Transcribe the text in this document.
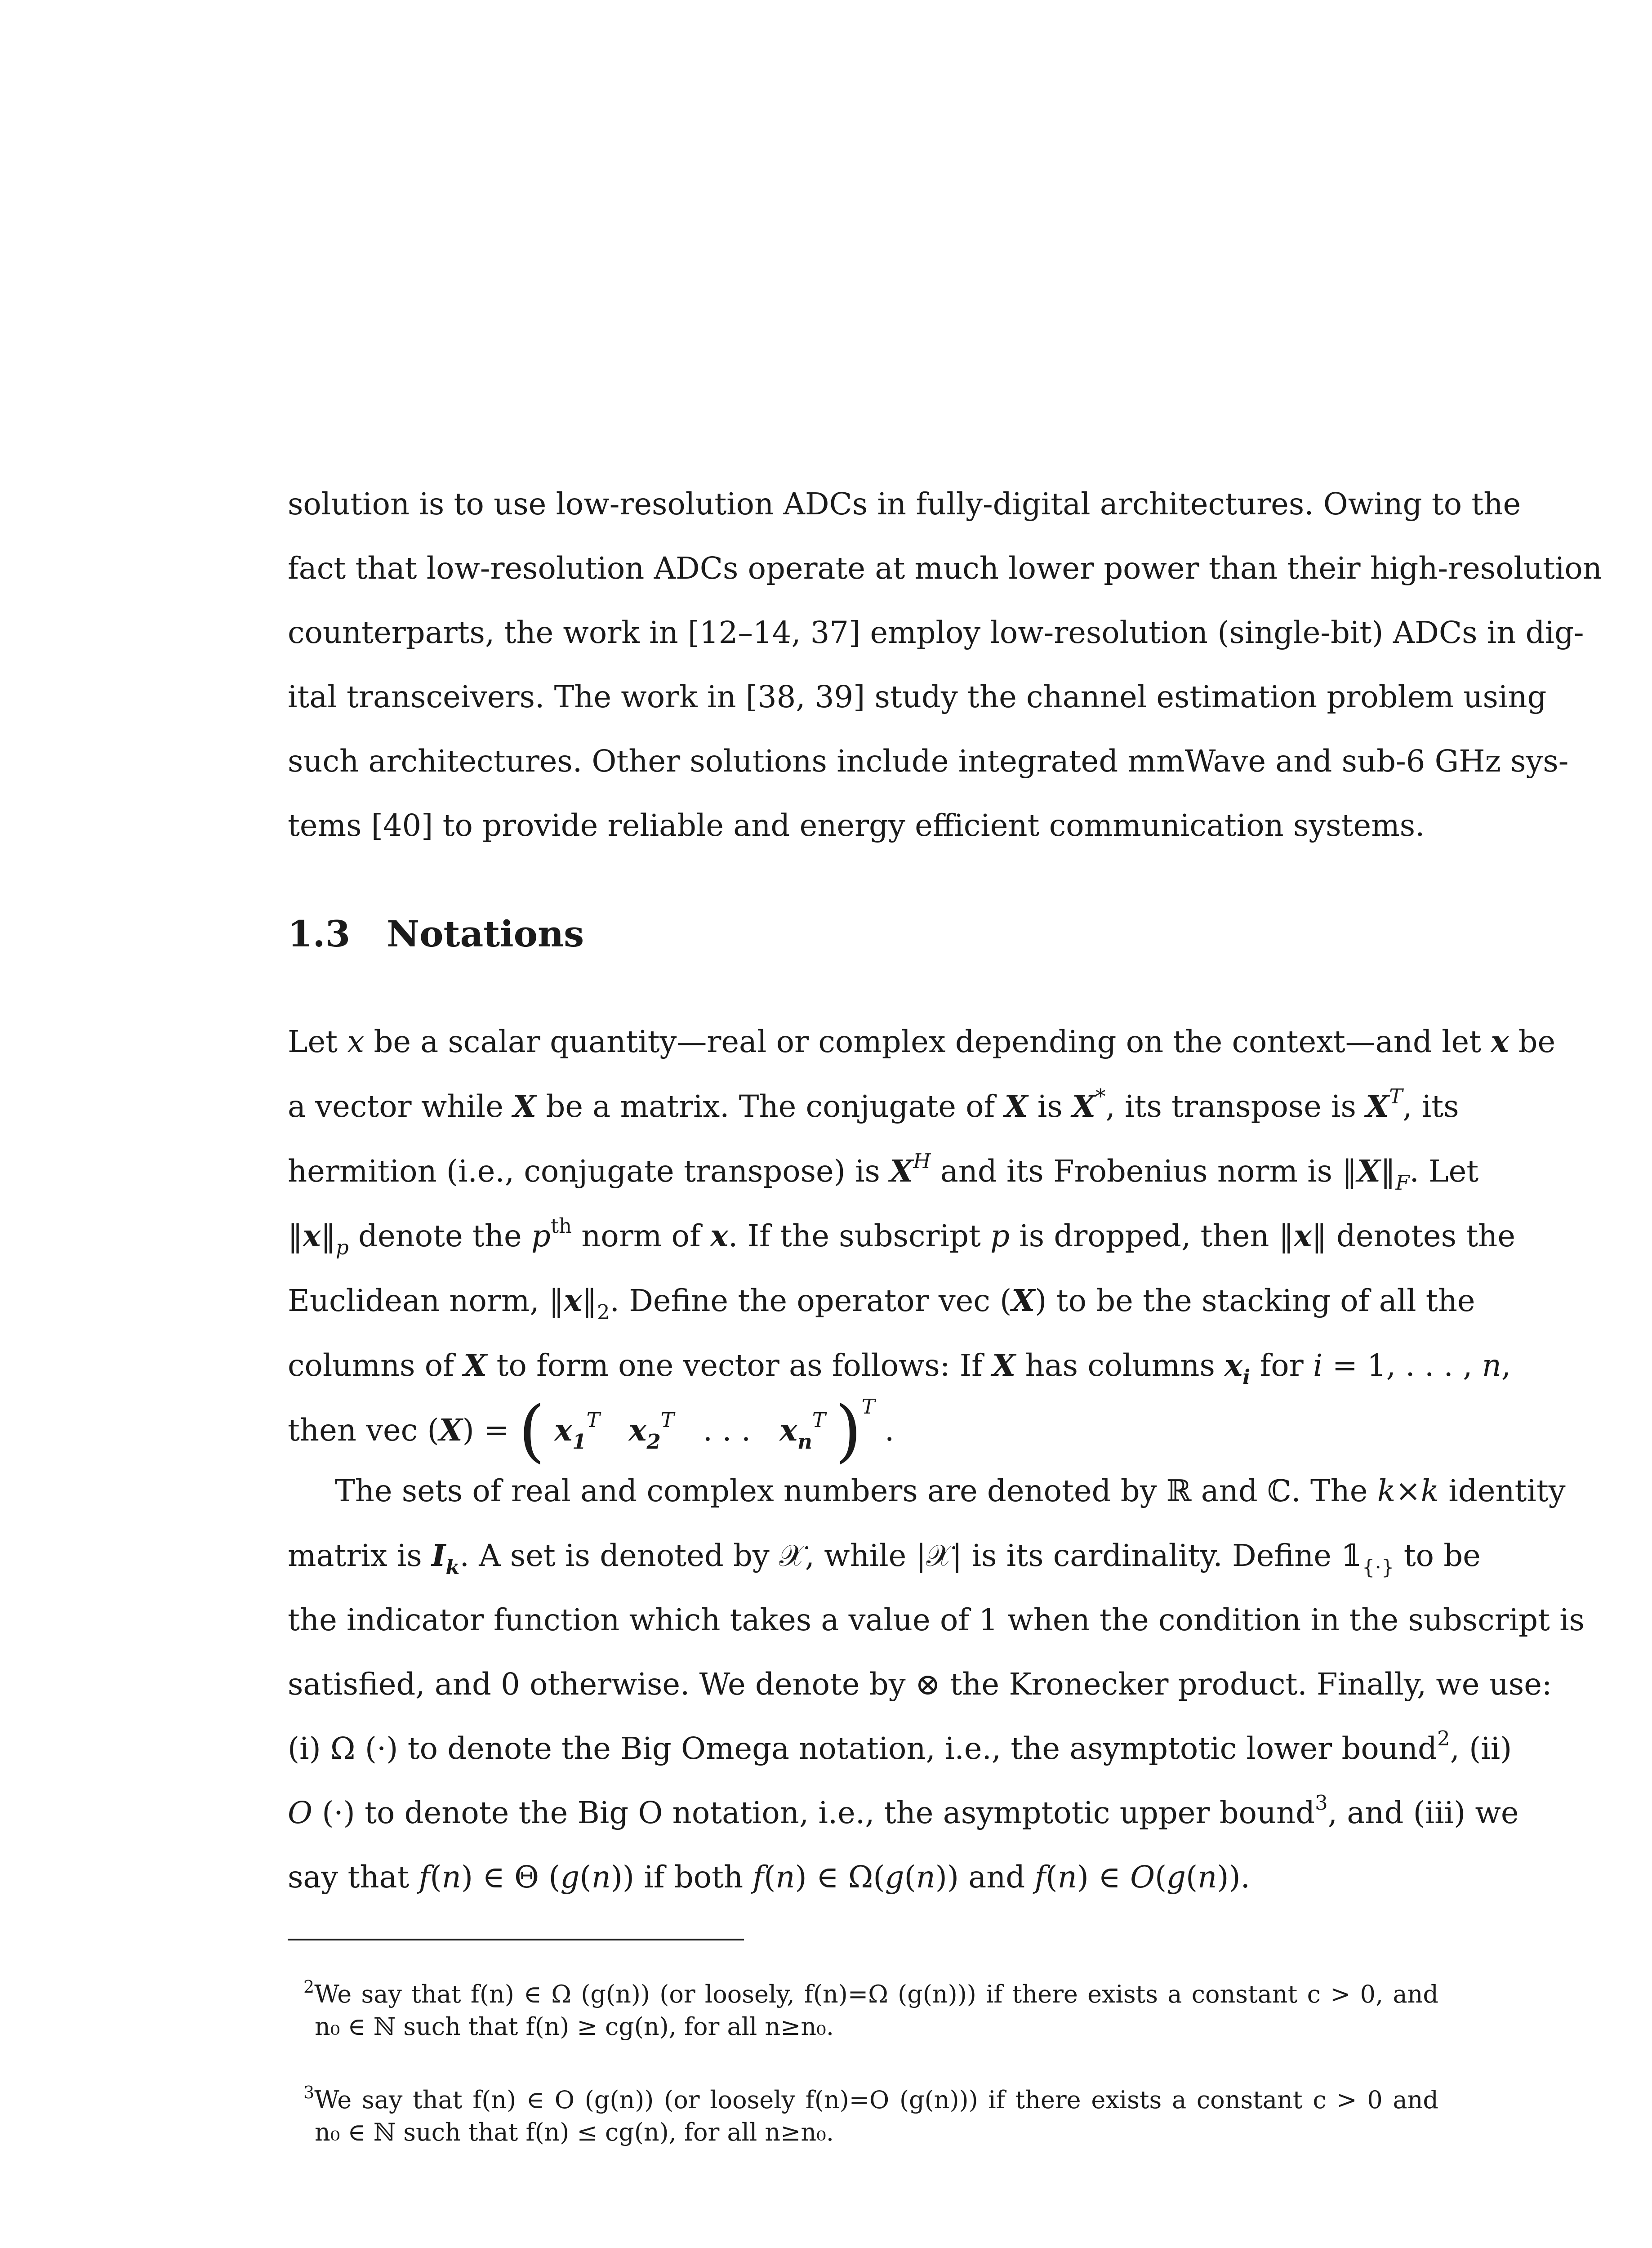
solution is to use low-resolution ADCs in fully-digital architectures. Owing to the
fact that low-resolution ADCs operate at much lower power than their high-resolution
counterparts, the work in [12–14, 37] employ low-resolution (single-bit) ADCs in dig-
ital transceivers. The work in [38, 39] study the channel estimation problem using
such architectures. Other solutions include integrated mmWave and sub-6 GHz sys-
tems [40] to provide reliable and energy efficient communication systems.
1.3 Notations
Let x be a scalar quantity—real or complex depending on the context—and let x be
a vector while X be a matrix. The conjugate of X is X*, its transpose is $X^T$, its
hermition (i.e., conjugate transpose) is $X^H$ and its Frobenius norm is $‖X‖_F$. Let
$‖x‖_p$ denote the $p^{th}$ norm of x. If the subscript p is dropped, then ‖x‖ denotes the
Euclidean norm, $‖x‖_2$. Define the operator vec (X) to be the stacking of all the
columns of X to form one vector as follows: If X has columns $x_i$ for i = 1, . . . , n,
then vec (X) = ( $x_1^T$ $x_2^T$ . . . $x_n^T$ )$^T$ .
The sets of real and complex numbers are denoted by ℝ and ℂ. The k×k identity
matrix is $I_k$. A set is denoted by 𝒳, while |𝒳| is its cardinality. Define $𝟙_{\{\cdot\}}$ to be
the indicator function which takes a value of 1 when the condition in the subscript is
satisfied, and 0 otherwise. We denote by ⊗ the Kronecker product. Finally, we use:
(i) Ω (·) to denote the Big Omega notation, i.e., the asymptotic lower bound$^2$, (ii)
O (·) to denote the Big O notation, i.e., the asymptotic upper bound$^3$, and (iii) we
say that f(n) ∈ Θ (g(n)) if both f(n) ∈ Ω(g(n)) and f(n) ∈ O(g(n)).
$^2$We say that f(n) ∈ Ω (g(n)) (or loosely, f(n)=Ω (g(n))) if there exists a constant c > 0, and
n₀ ∈ ℕ such that f(n) ≥ cg(n), for all n≥n₀.
$^3$We say that f(n) ∈ O (g(n)) (or loosely f(n)=O (g(n))) if there exists a constant c > 0 and
n₀ ∈ ℕ such that f(n) ≤ cg(n), for all n≥n₀.
